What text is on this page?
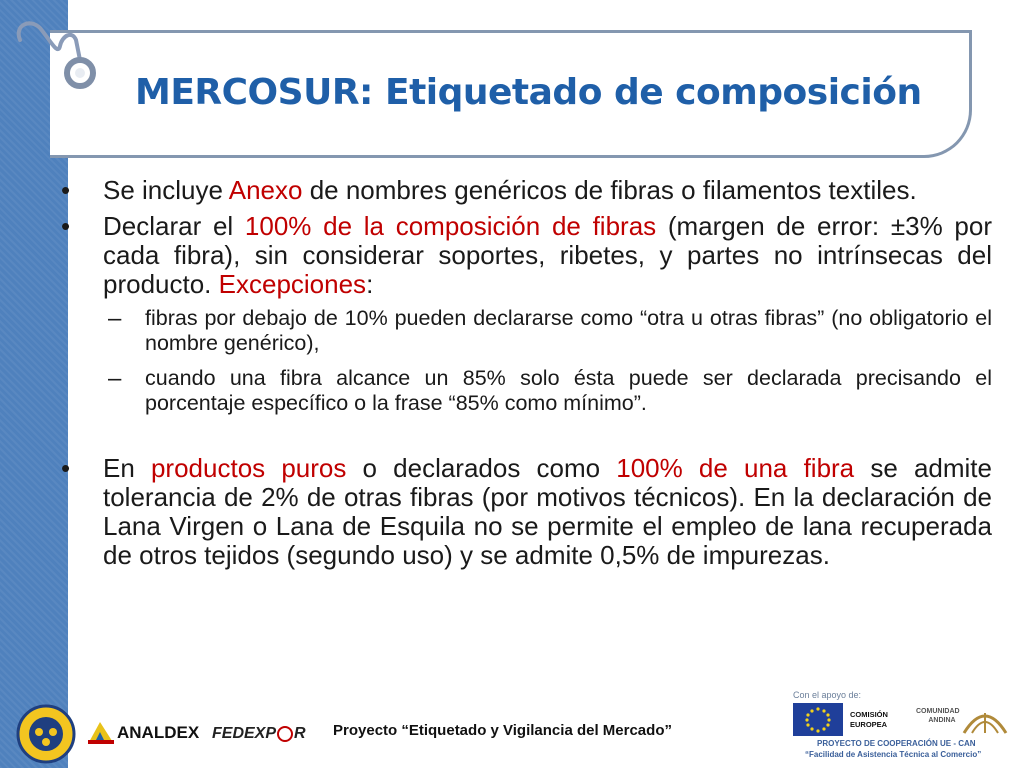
MERCOSUR: Etiquetado de composición

• Se incluye Anexo de nombres genéricos de fibras o filamentos textiles.

• Declarar el 100% de la composición de fibras (margen de error: ±3% por cada fibra), sin considerar soportes, ribetes, y partes no intrínsecas del producto. Excepciones:

– fibras por debajo de 10% pueden declararse como “otra u otras fibras” (no obligatorio el nombre genérico),

– cuando una fibra alcance un 85% solo ésta puede ser declarada precisando el porcentaje específico o la frase “85% como mínimo”.

• En productos puros o declarados como 100% de una fibra se admite tolerancia de 2% de otras fibras (por motivos técnicos). En la declaración de Lana Virgen o Lana de Esquila no se permite el empleo de lana recuperada de otros tejidos (segundo uso) y se admite 0,5% de impurezas.

ANALDEX FEDEXP R Proyecto “Etiquetado y Vigilancia del Mercado”
Con el apoyo de:
COMISIÓN
EUROPEA
COMUNIDAD
ANDINA
PROYECTO DE COOPERACIÓN UE - CAN
“Facilidad de Asistencia Técnica al Comercio”
